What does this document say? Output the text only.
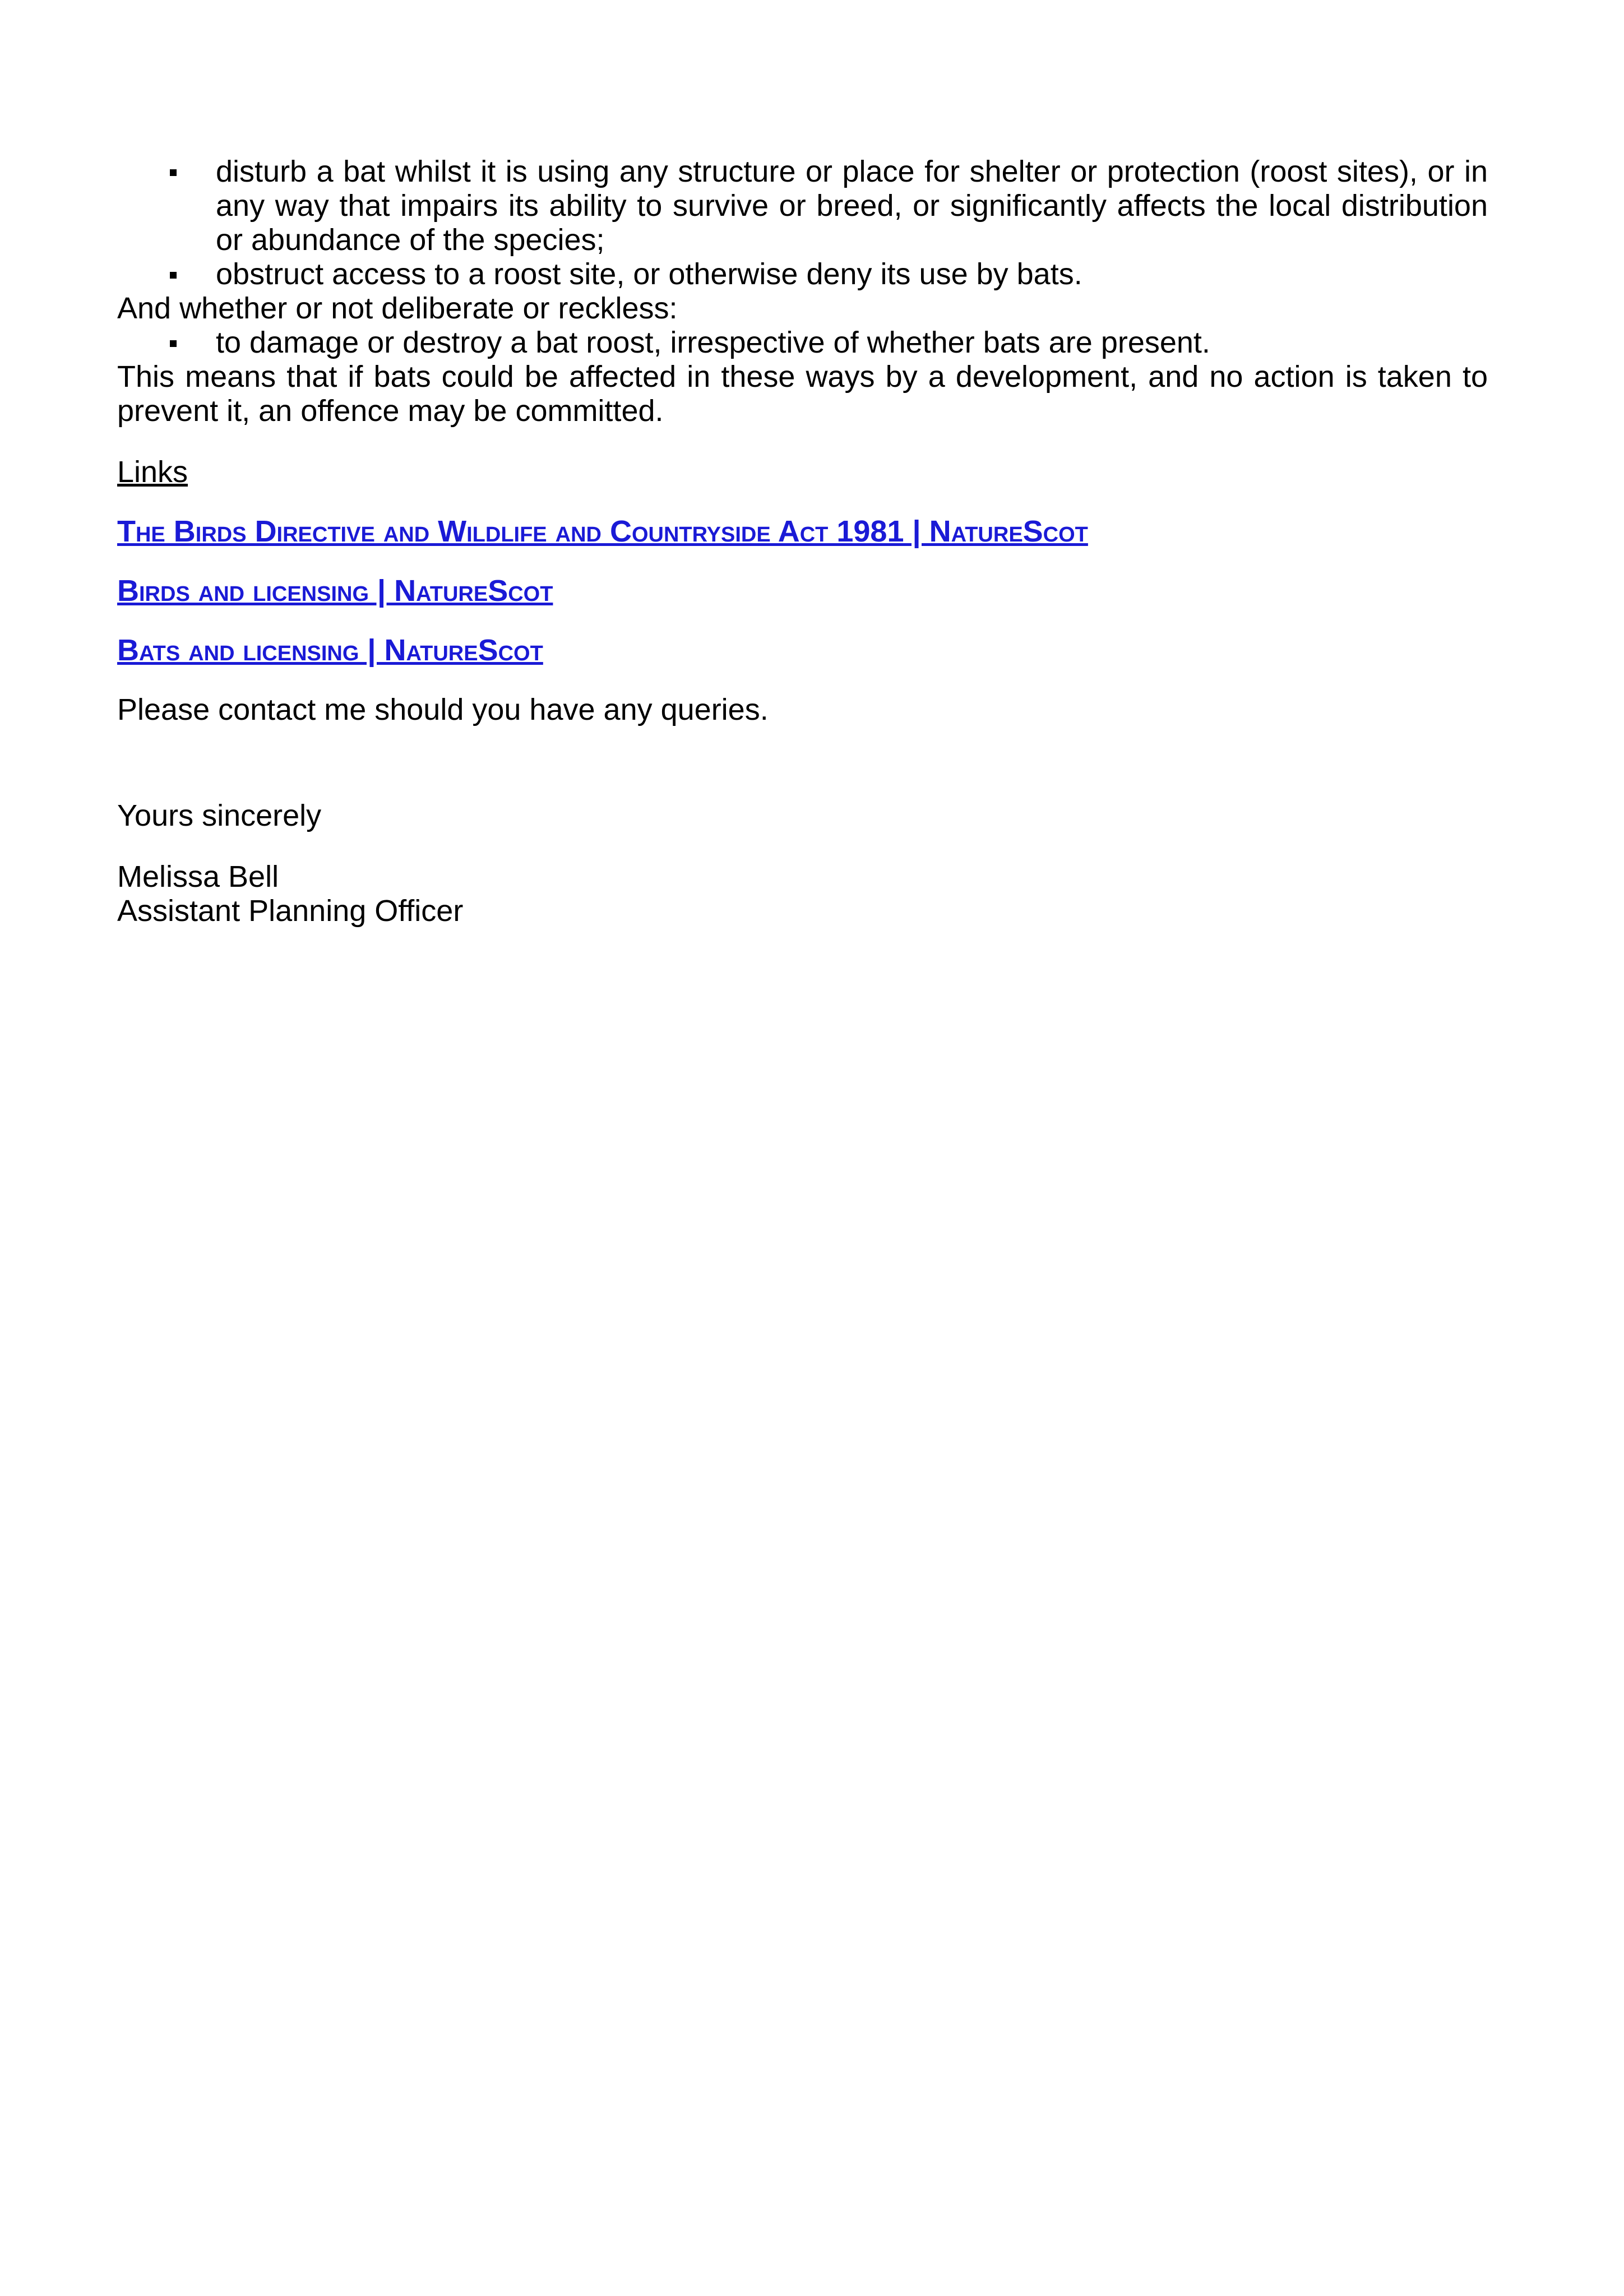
disturb a bat whilst it is using any structure or place for shelter or protection (roost sites), or in any way that impairs its ability to survive or breed, or significantly affects the local distribution or abundance of the species;
obstruct access to a roost site, or otherwise deny its use by bats.

And whether or not deliberate or reckless:

to damage or destroy a bat roost, irrespective of whether bats are present.

This means that if bats could be affected in these ways by a development, and no action is taken to prevent it, an offence may be committed.

Links

The Birds Directive and Wildlife and Countryside Act 1981 | NatureScot
Birds and licensing | NatureScot
Bats and licensing | NatureScot

Please contact me should you have any queries.

Yours sincerely

Melissa Bell

Assistant Planning Officer
